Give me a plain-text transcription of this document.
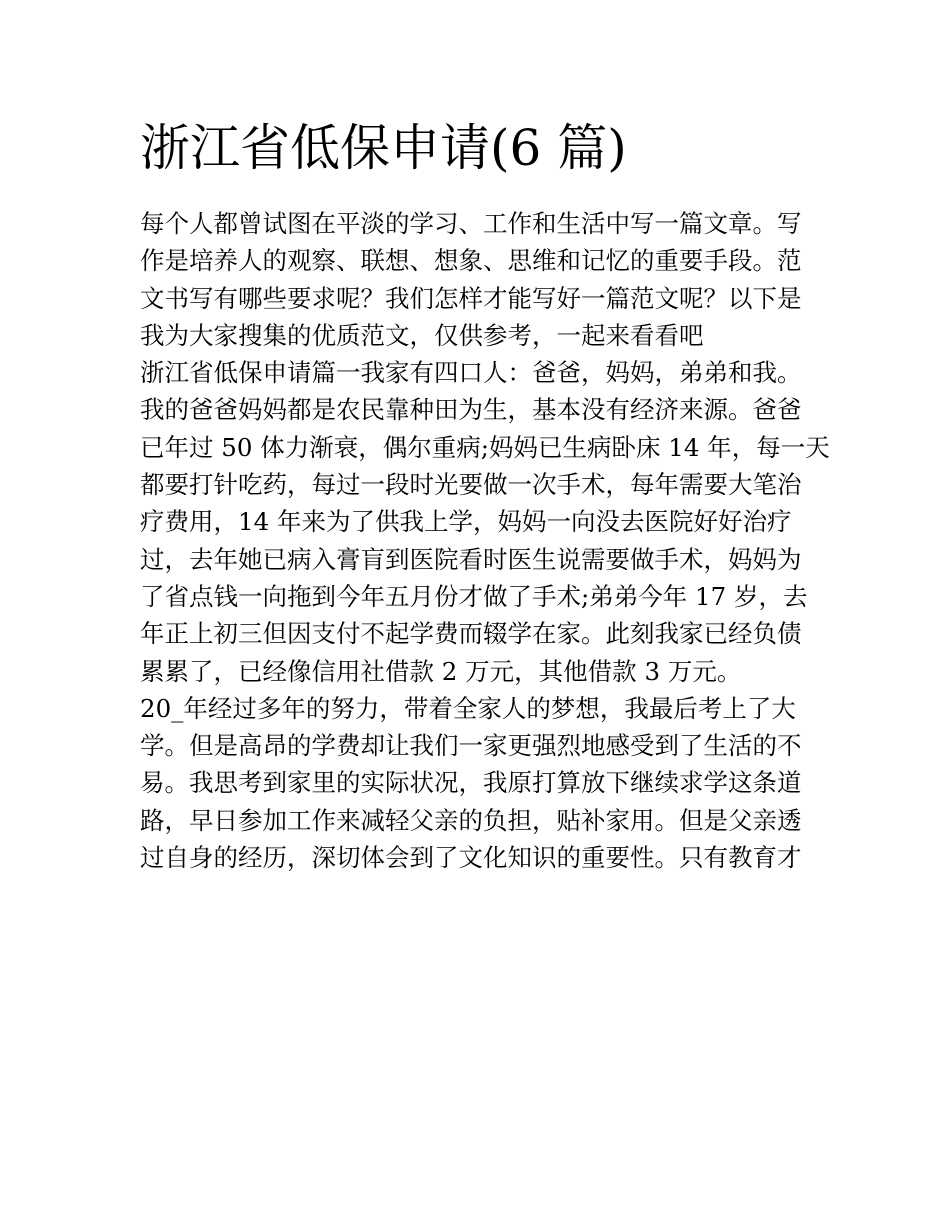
浙江省低保申请(6 篇)
每个人都曾试图在平淡的学习、工作和生活中写一篇文章。写
作是培养人的观察、联想、想象、思维和记忆的重要手段。范
文书写有哪些要求呢？我们怎样才能写好一篇范文呢？以下是
我为大家搜集的优质范文，仅供参考，一起来看看吧
浙江省低保申请篇一我家有四口人：爸爸，妈妈，弟弟和我。
我的爸爸妈妈都是农民靠种田为生，基本没有经济来源。爸爸
已年过 50 体力渐衰，偶尔重病;妈妈已生病卧床 14 年，每一天
都要打针吃药，每过一段时光要做一次手术，每年需要大笔治
疗费用，14 年来为了供我上学，妈妈一向没去医院好好治疗
过，去年她已病入膏肓到医院看时医生说需要做手术，妈妈为
了省点钱一向拖到今年五月份才做了手术;弟弟今年 17 岁，去
年正上初三但因支付不起学费而辍学在家。此刻我家已经负债
累累了，已经像信用社借款 2 万元，其他借款 3 万元。
20_年经过多年的努力，带着全家人的梦想，我最后考上了大
学。但是高昂的学费却让我们一家更强烈地感受到了生活的不
易。我思考到家里的实际状况，我原打算放下继续求学这条道
路，早日参加工作来减轻父亲的负担，贴补家用。但是父亲透
过自身的经历，深切体会到了文化知识的重要性。只有教育才
